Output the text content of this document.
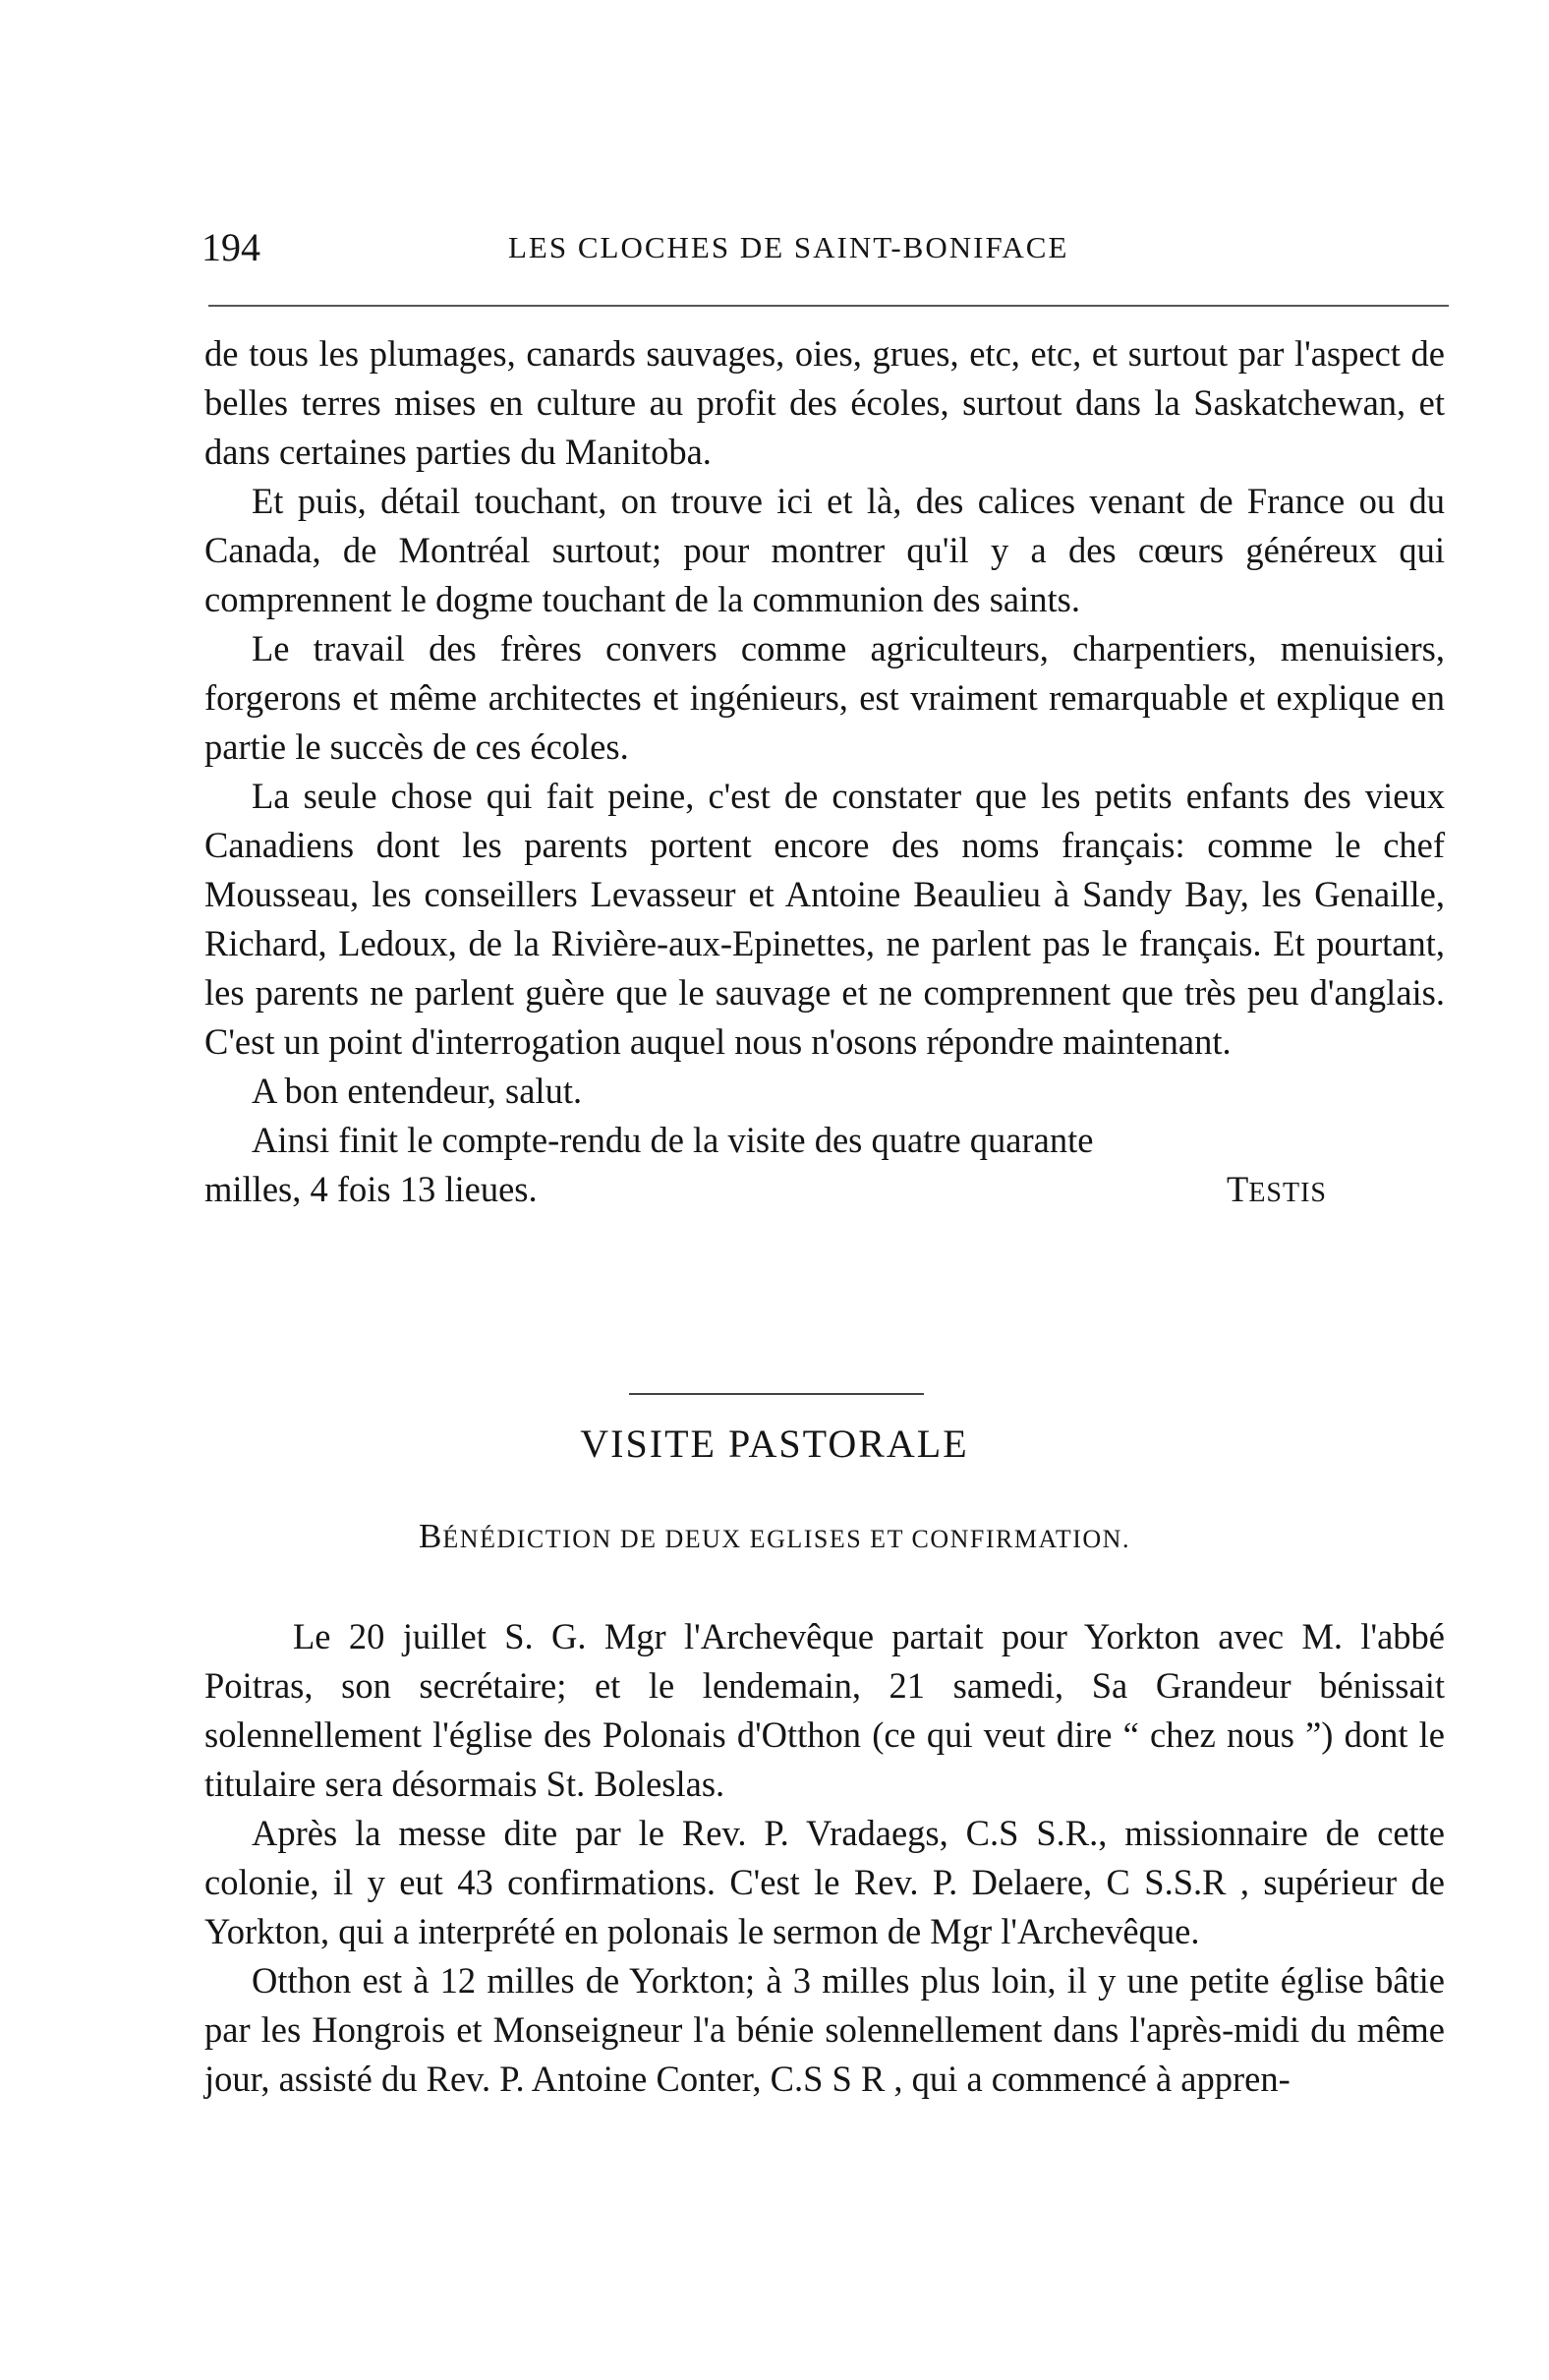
194	LES CLOCHES DE SAINT-BONIFACE

de tous les plumages, canards sauvages, oies, grues, etc, etc, et surtout par l'aspect de belles terres mises en culture au profit des écoles, surtout dans la Saskatchewan, et dans certaines parties du Manitoba.

Et puis, détail touchant, on trouve ici et là, des calices venant de France ou du Canada, de Montréal surtout; pour montrer qu'il y a des cœurs généreux qui comprennent le dogme touchant de la communion des saints.

Le travail des frères convers comme agriculteurs, charpentiers, menuisiers, forgerons et même architectes et ingénieurs, est vraiment remarquable et explique en partie le succès de ces écoles.

La seule chose qui fait peine, c'est de constater que les petits enfants des vieux Canadiens dont les parents portent encore des noms français: comme le chef Mousseau, les conseillers Levasseur et Antoine Beaulieu à Sandy Bay, les Genaille, Richard, Ledoux, de la Rivière-aux-Epinettes, ne parlent pas le français. Et pourtant, les parents ne parlent guère que le sauvage et ne comprennent que très peu d'anglais. C'est un point d'interrogation auquel nous n'osons répondre maintenant.

A bon entendeur, salut.

Ainsi finit le compte-rendu de la visite des quatre quarante

milles, 4 fois 13 lieues.	TESTIS
VISITE PASTORALE
BÉNÉDICTION DE DEUX EGLISES ET CONFIRMATION.

Le 20 juillet S. G. Mgr l'Archevêque partait pour Yorkton avec M. l'abbé Poitras, son secrétaire; et le lendemain, 21 samedi, Sa Grandeur bénissait solennellement l'église des Polonais d'Otthon (ce qui veut dire “ chez nous ”) dont le titulaire sera désormais St. Boleslas.

Après la messe dite par le Rev. P. Vradaegs, C.S S.R., missionnaire de cette colonie, il y eut 43 confirmations. C'est le Rev. P. Delaere, C S.S.R , supérieur de Yorkton, qui a interprété en polonais le sermon de Mgr l'Archevêque.

Otthon est à 12 milles de Yorkton; à 3 milles plus loin, il y une petite église bâtie par les Hongrois et Monseigneur l'a bénie solennellement dans l'après-midi du même jour, assisté du Rev. P. Antoine Conter, C.S S R , qui a commencé à appren-
